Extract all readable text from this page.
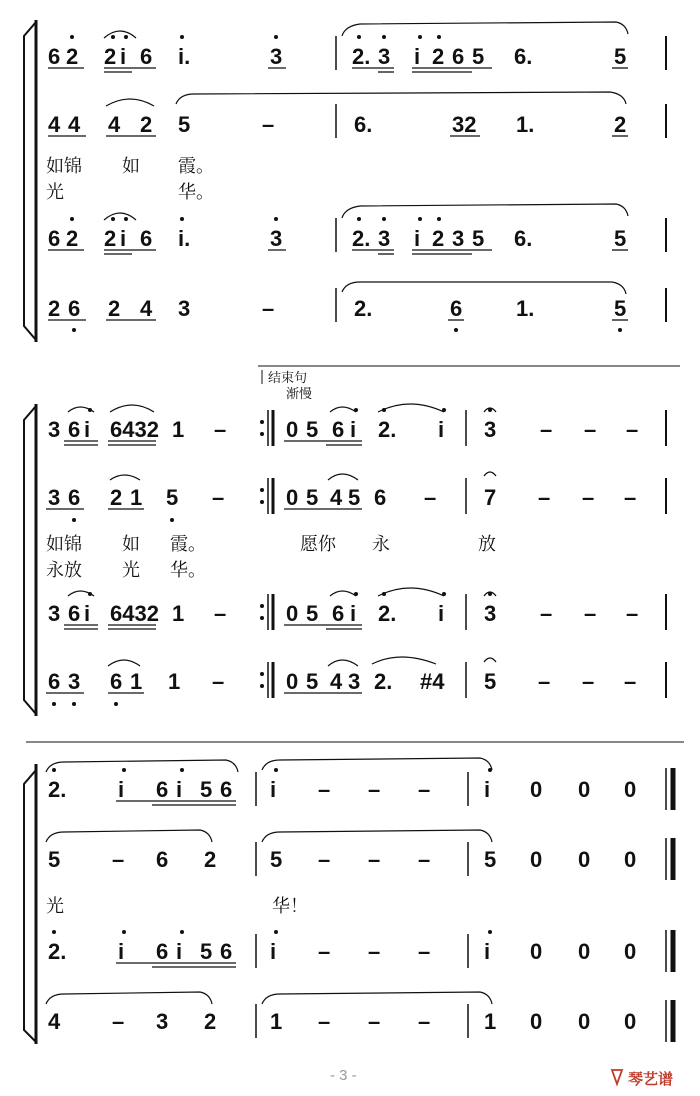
6 2 2 i 6 i.	3	2. 3 i 2 6 5 6.	5
4 4 4 2 5	–	6.	32 1.	2
如锦 如 霞。
光	华。
6 2 2 i 6 i.	3	2. 3 i 2 3 5 6.	5
2 6 2 4 3	–	2.	6 1.	5
结束句
渐慢
3 6 i 6432 1 –	0 5 6 i 2. i 3 – – –
3 6 2 1 5 –	0 5 4 5 6 – 7 – – –
如锦 如 霞。	愿你 永	放
永放 光 华。
3 6 i 6432 1 –	0 5 6 i 2. i 3 – – –
6 3 6 1 1 –	0 5 4 3 2. #4 5 – – –
2. i 6 i 5 6 i – – – i 0 0 0
5 – 6 2 5 – – – 5 0 0 0
光	华！
2. i 6 i 5 6 i – – – i 0 0 0
4 – 3 2 1 – – – 1 0 0 0
- 3 -	琴艺谱
